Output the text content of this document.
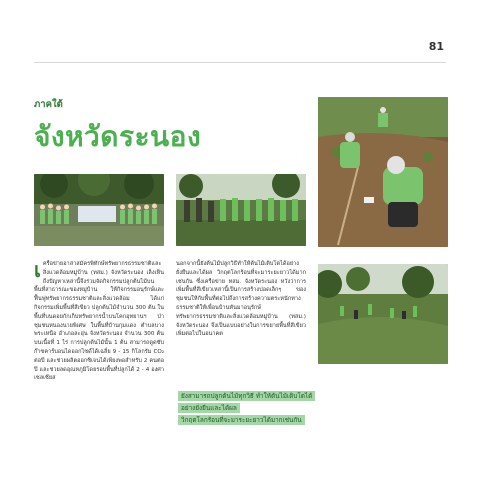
81
ภาคใต้
จังหวัดระนอง

เครือข่ายอาสาสมัครพิทักษ์ทรัพยากรธรรมชาติและสิ่งแวดล้อมหมู่บ้าน (ทสม.) จังหวัดระนอง เล็งเห็นถึงปัญหาเหล่านี้จึงร่วมจัดกิจกรรมปลูกต้นไม้บนพื้นที่สาธารณะของหมู่บ้าน ให้กิจกรรมอนุรักษ์และฟื้นฟูทรัพยากรธรรมชาติและสิ่งแวดล้อม ได้แก่ กิจกรรมเพิ่มพื้นที่สีเขียว ปลูกต้นไม้จำนวน 300 ต้น ในพื้นที่บนดอยกักเก็บทรัพยากรน้ำบนโคกอุทยานฯ ป่าชุมชนหนองนายพิเศษ ในพื้นที่บ้านกุมแดง ตำบลบางพระเหนือ อำเภอละอุ่น จังหวัดระนอง จำนวน 300 ต้นบนเนื้อที่ 1 ไร่ การปลูกต้นไม้นั้น 1 ต้น สามารถดูดซับก๊าซคาร์บอนไดออกไซด์ได้เฉลี่ย 9 - 15 กิโลกรัม CO₂ ต่อปี และช่วยผลิตออกซิเจนได้เพียงพอสำหรับ 2 คนต่อปี และช่วยลดอุณหภูมิโดยรอบพื้นที่ปลูกได้ 2 - 4 องศาเซลเซียส

นอกจากนี้ยังต้นไม้ปลูกวิธีทำให้ต้นไม้เติบโตได้อย่างยั่งยืนและได้ผล วิกฤตโลกร้อนที่จะมาระยะยาวได้มากเช่นกัน ซึ่งเครือข่าย ทสม. จังหวัดระนอง หวังว่าการเพิ่มพื้นที่สีเขียวเหล่านี้เป็นการสร้างปอดเล็กๆ ของชุมชนให้กับพื้นที่ต่อไปถึงการสร้างความตระหนักทางธรรมชาติให้เพื่อนบ้านหันมาอนุรักษ์ทรัพยากรธรรมชาติและสิ่งแวดล้อมหมู่บ้าน (ทสม.) จังหวัดระนอง จึงเป็นแบบอย่างในการขยายพื้นที่สีเขียวเพิ่มต่อไปในอนาคต

ยังสามารถปลูกต้นไม้ทุกวิธี ทำให้ต้นไม้เติบโตได้อย่างยั่งยืนและได้ผล
วิกฤตโลกร้อนที่จะมาระยะยาวได้มากเช่นกัน
